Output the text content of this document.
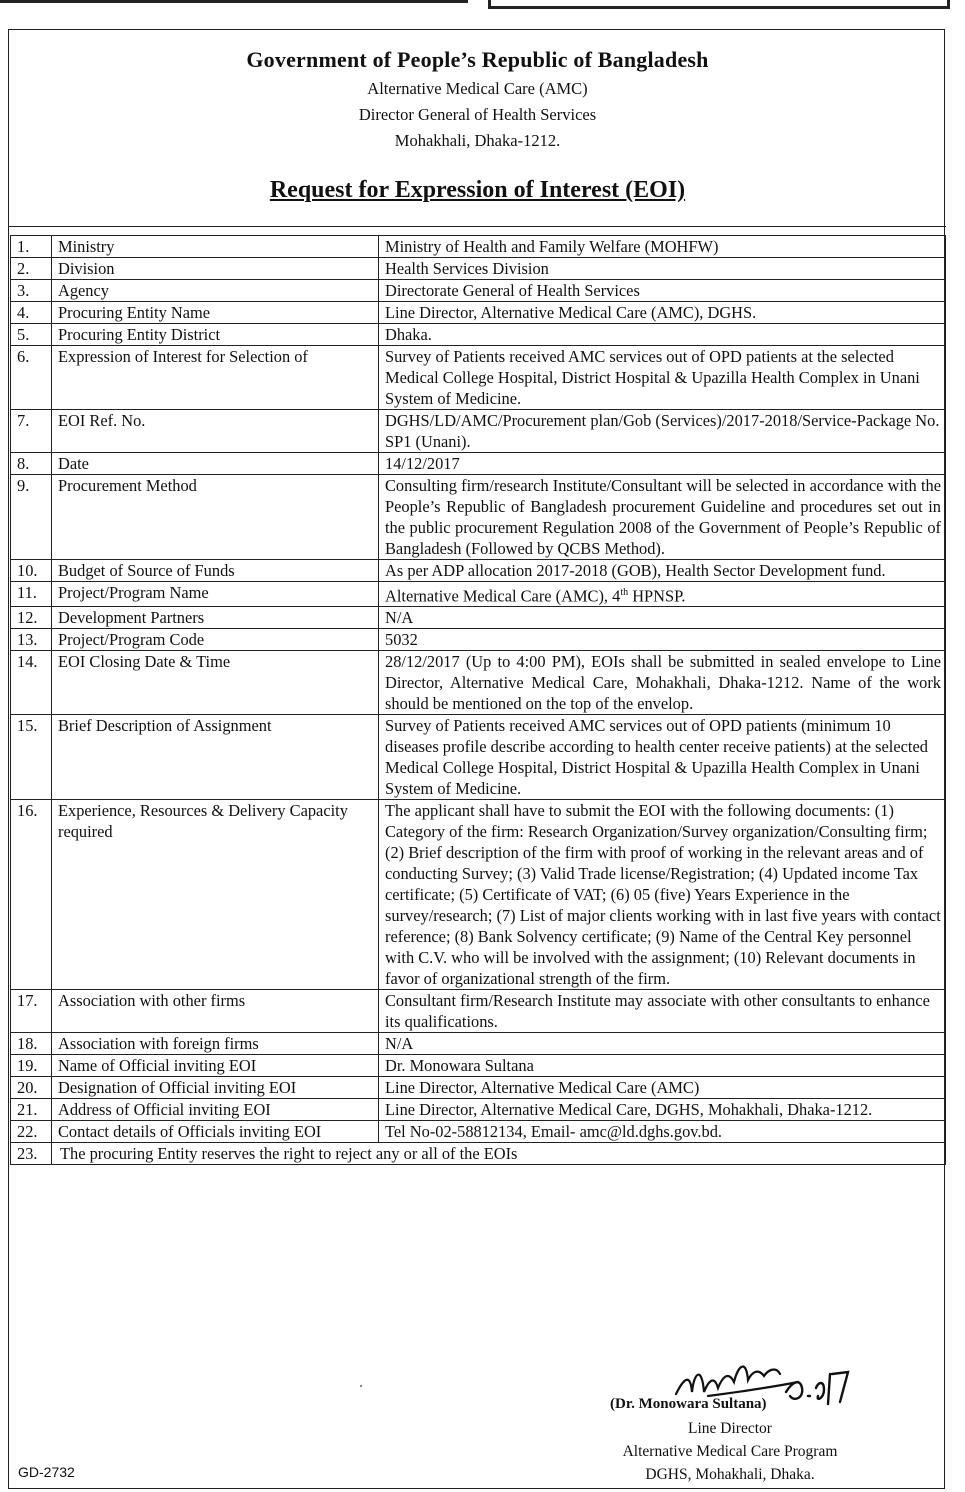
Government of People’s Republic of Bangladesh
Alternative Medical Care (AMC)
Director General of Health Services
Mohakhali, Dhaka-1212.
Request for Expression of Interest (EOI)
1.	Ministry	Ministry of Health and Family Welfare (MOHFW)
2.	Division	Health Services Division
3.	Agency	Directorate General of Health Services
4.	Procuring Entity Name	Line Director, Alternative Medical Care (AMC), DGHS.
5.	Procuring Entity District	Dhaka.
6.	Expression of Interest for Selection of	Survey of Patients received AMC services out of OPD patients at the selected Medical College Hospital, District Hospital & Upazilla Health Complex in Unani System of Medicine.
7.	EOI Ref. No.	DGHS/LD/AMC/Procurement plan/Gob (Services)/2017-2018/Service-Package No. SP1 (Unani).
8.	Date	14/12/2017
9.	Procurement Method	Consulting firm/research Institute/Consultant will be selected in accordance with the People’s Republic of Bangladesh procurement Guideline and procedures set out in the public procurement Regulation 2008 of the Government of People’s Republic of Bangladesh (Followed by QCBS Method).
10.	Budget of Source of Funds	As per ADP allocation 2017-2018 (GOB), Health Sector Development fund.
11.	Project/Program Name	Alternative Medical Care (AMC), 4th HPNSP.
12.	Development Partners	N/A
13.	Project/Program Code	5032
14.	EOI Closing Date & Time	28/12/2017 (Up to 4:00 PM), EOIs shall be submitted in sealed envelope to Line Director, Alternative Medical Care, Mohakhali, Dhaka-1212. Name of the work should be mentioned on the top of the envelop.
15.	Brief Description of Assignment	Survey of Patients received AMC services out of OPD patients (minimum 10 diseases profile describe according to health center receive patients) at the selected Medical College Hospital, District Hospital & Upazilla Health Complex in Unani System of Medicine.
16.	Experience, Resources & Delivery Capacity required	The applicant shall have to submit the EOI with the following documents: (1) Category of the firm: Research Organization/Survey organization/Consulting firm; (2) Brief description of the firm with proof of working in the relevant areas and of conducting Survey; (3) Valid Trade license/Registration; (4) Updated income Tax certificate; (5) Certificate of VAT; (6) 05 (five) Years Experience in the survey/research; (7) List of major clients working with in last five years with contact reference; (8) Bank Solvency certificate; (9) Name of the Central Key personnel with C.V. who will be involved with the assignment; (10) Relevant documents in favor of organizational strength of the firm.
17.	Association with other firms	Consultant firm/Research Institute may associate with other consultants to enhance its qualifications.
18.	Association with foreign firms	N/A
19.	Name of Official inviting EOI	Dr. Monowara Sultana
20.	Designation of Official inviting EOI	Line Director, Alternative Medical Care (AMC)
21.	Address of Official inviting EOI	Line Director, Alternative Medical Care, DGHS, Mohakhali, Dhaka-1212.
22.	Contact details of Officials inviting EOI	Tel No-02-58812134, Email- amc@ld.dghs.gov.bd.
23.	The procuring Entity reserves the right to reject any or all of the EOIs	
(Dr. Monowara Sultana)
Line Director
Alternative Medical Care Program
DGHS, Mohakhali, Dhaka.
GD-2732
